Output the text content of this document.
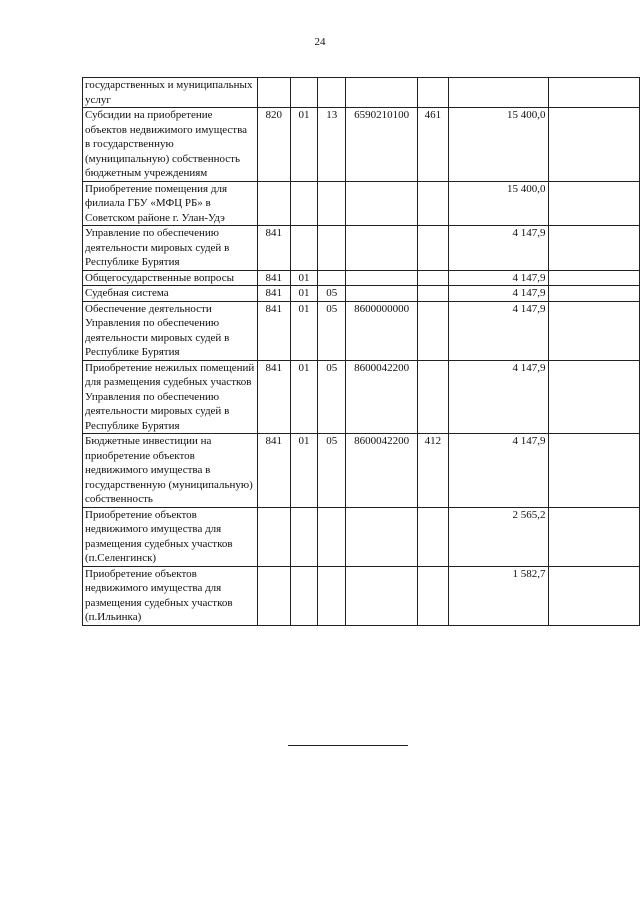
24
государственных и муниципальных услуг							
Субсидии на приобретение объектов недвижимого имущества в государственную (муниципальную) собственность бюджетным учреждениям	820	01	13	6590210100	461	15 400,0	
Приобретение помещения для филиала ГБУ «МФЦ РБ» в Советском районе г. Улан-Удэ						15 400,0	
Управление по обеспечению деятельности мировых судей в Республике Бурятия	841					4 147,9	
Общегосударственные вопросы	841	01				4 147,9	
Судебная система	841	01	05			4 147,9	
Обеспечение деятельности Управления по обеспечению деятельности мировых судей в Республике Бурятия	841	01	05	8600000000		4 147,9	
Приобретение нежилых помещений для размещения судебных участков Управления по обеспечению деятельности мировых судей в Республике Бурятия	841	01	05	8600042200		4 147,9	
Бюджетные инвестиции на приобретение объектов недвижимого имущества в государственную (муниципальную) собственность	841	01	05	8600042200	412	4 147,9	
Приобретение объектов недвижимого имущества для размещения судебных участков (п.Селенгинск)						2 565,2	
Приобретение объектов недвижимого имущества для размещения судебных участков (п.Ильинка)						1 582,7	
